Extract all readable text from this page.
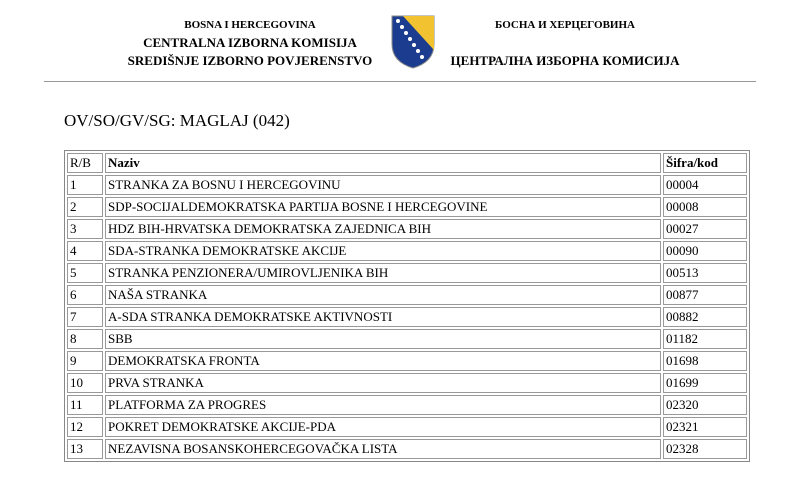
BOSNA I HERCEGOVINA
CENTRALNA IZBORNA KOMISIJA
SREDIŠNJE IZBORNO POVJERENSTVO
БОСНА И ХЕРЦЕГОВИНА
ЦЕНТРАЛНА ИЗБОРНА КОМИСИЈА
OV/SO/GV/SG: MAGLAJ (042)
R/B	Naziv	Šifra/kod
1	STRANKA ZA BOSNU I HERCEGOVINU	00004
2	SDP-SOCIJALDEMOKRATSKA PARTIJA BOSNE I HERCEGOVINE	00008
3	HDZ BIH-HRVATSKA DEMOKRATSKA ZAJEDNICA BIH	00027
4	SDA-STRANKA DEMOKRATSKE AKCIJE	00090
5	STRANKA PENZIONERA/UMIROVLJENIKA BIH	00513
6	NAŠA STRANKA	00877
7	A-SDA STRANKA DEMOKRATSKE AKTIVNOSTI	00882
8	SBB	01182
9	DEMOKRATSKA FRONTA	01698
10	PRVA STRANKA	01699
11	PLATFORMA ZA PROGRES	02320
12	POKRET DEMOKRATSKE AKCIJE-PDA	02321
13	NEZAVISNA BOSANSKOHERCEGOVAČKA LISTA	02328
